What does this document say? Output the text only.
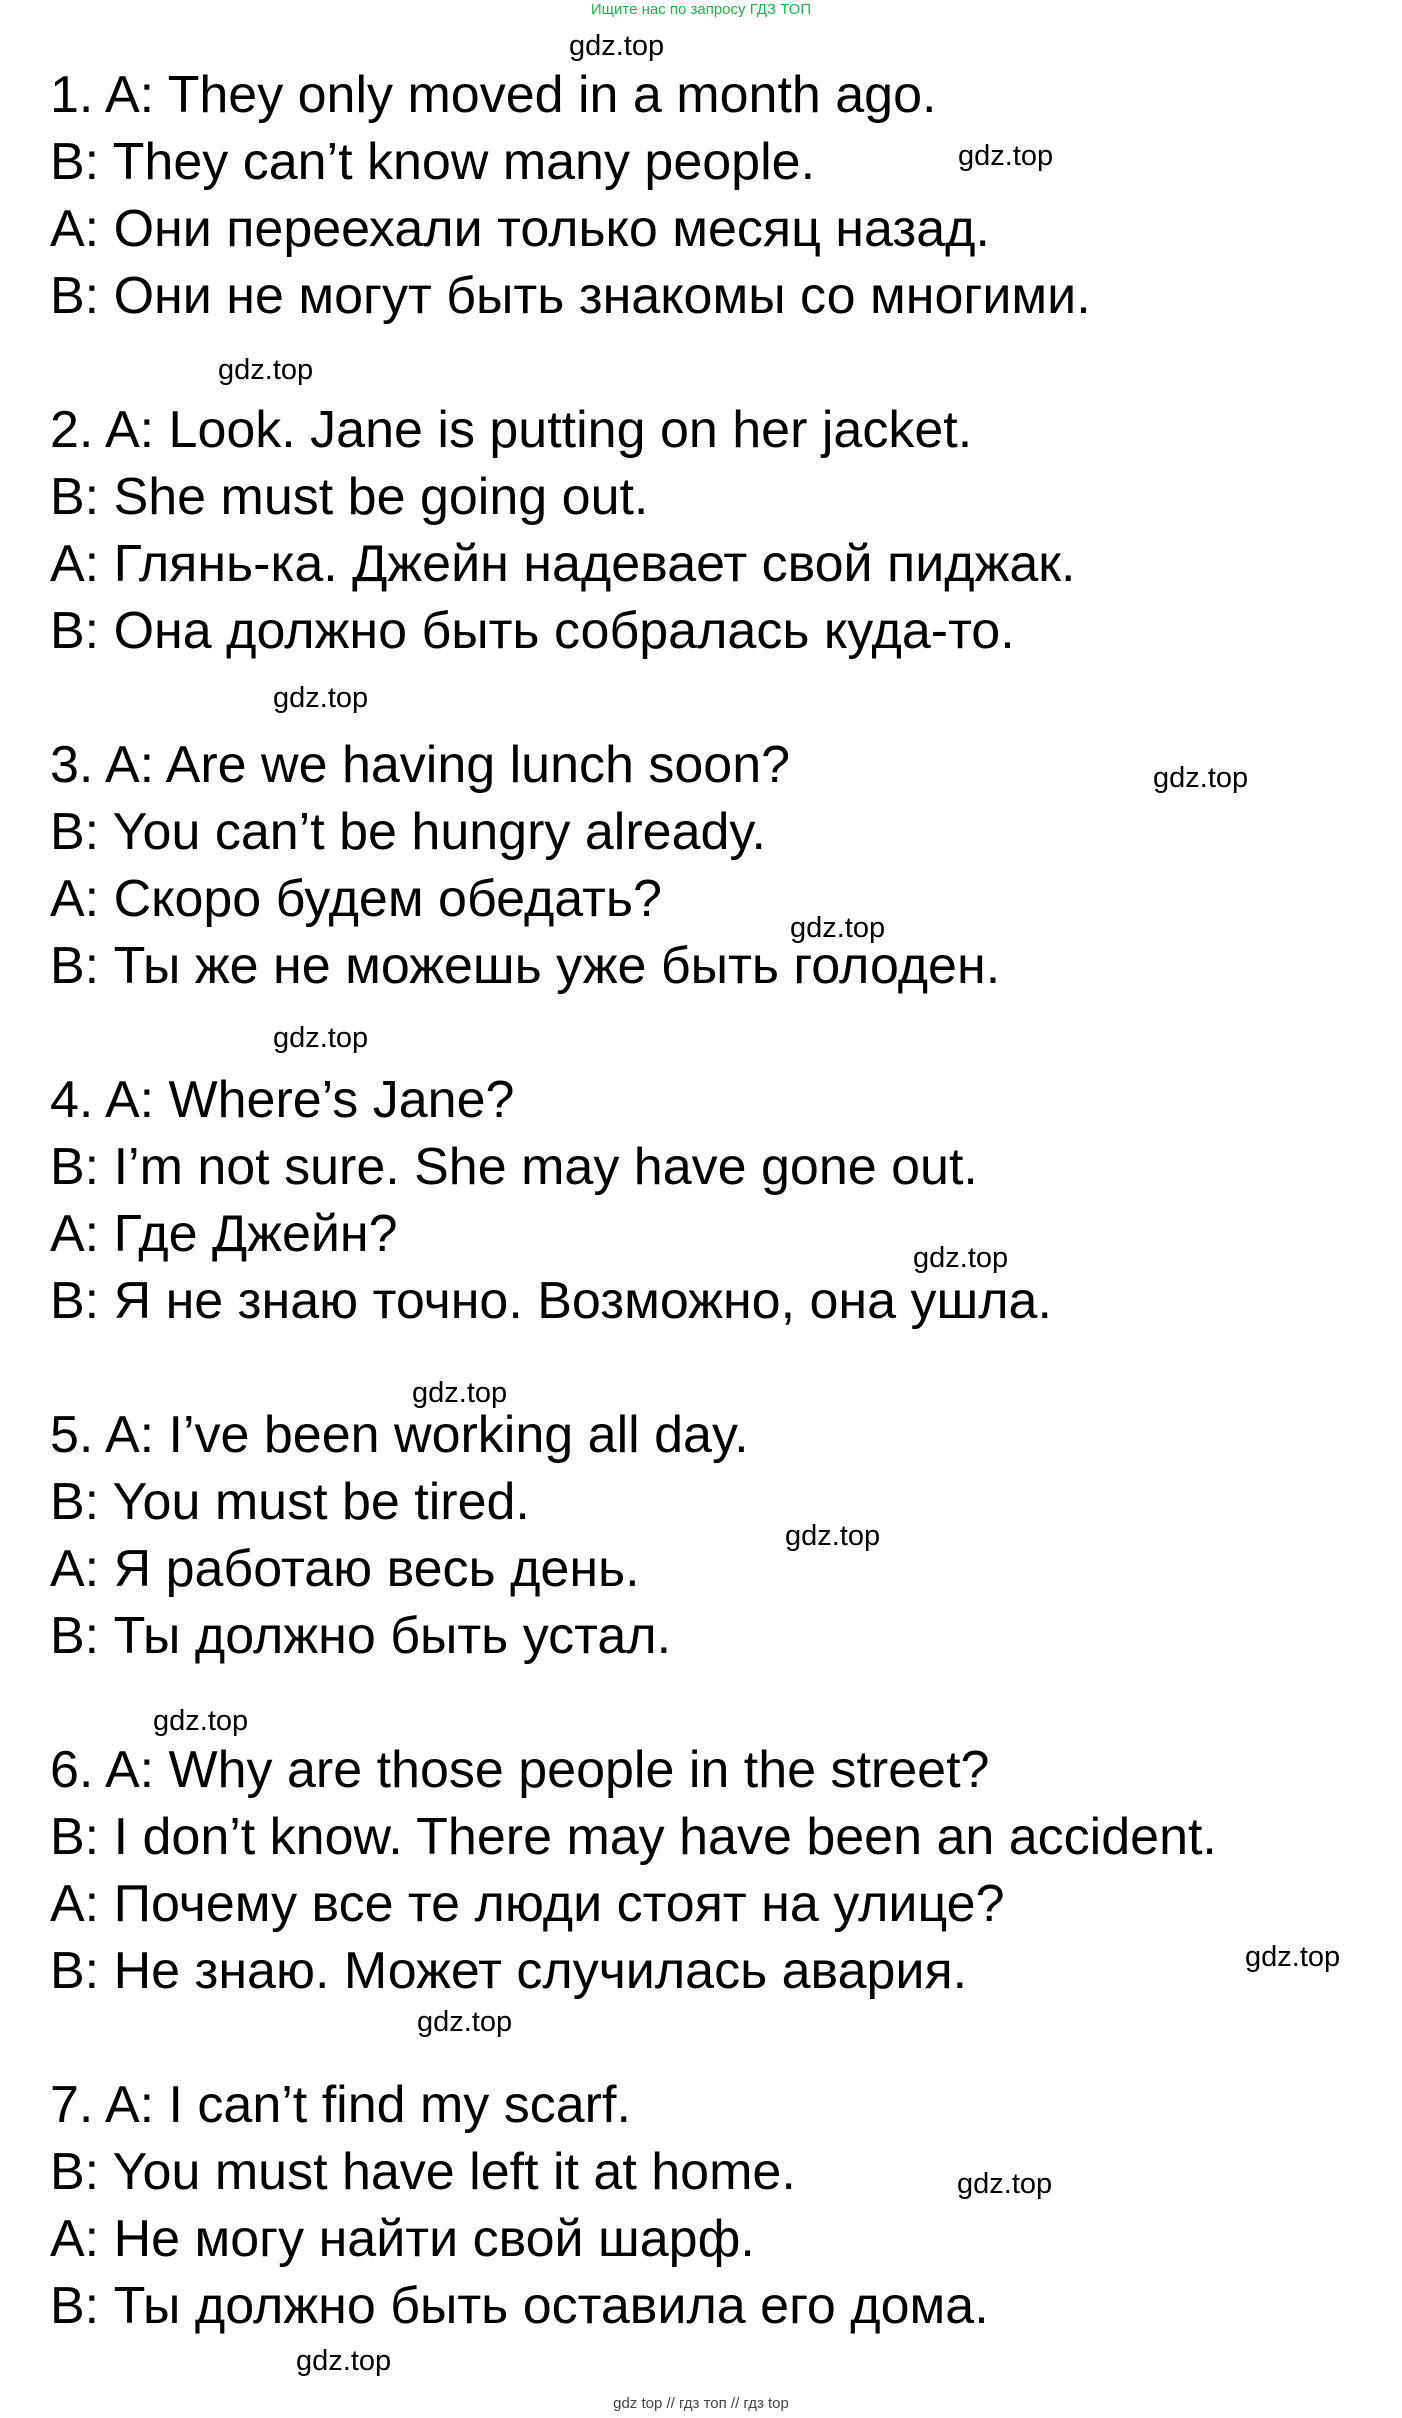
Ищите нас по запросу ГДЗ ТОП
1. A: They only moved in a month ago.
B: They can’t know many people.
A: Они переехали только месяц назад.
B: Они не могут быть знакомы со многими.
2. A: Look. Jane is putting on her jacket.
B: She must be going out.
A: Глянь-ка. Джейн надевает свой пиджак.
B: Она должно быть собралась куда-то.
3. A: Are we having lunch soon?
B: You can’t be hungry already.
A: Скоро будем обедать?
B: Ты же не можешь уже быть голоден.
4. A: Where’s Jane?
B: I’m not sure. She may have gone out.
A: Где Джейн?
B: Я не знаю точно. Возможно, она ушла.
5. A: I’ve been working all day.
B: You must be tired.
A: Я работаю весь день.
B: Ты должно быть устал.
6. A: Why are those people in the street?
B: I don’t know. There may have been an accident.
A: Почему все те люди стоят на улице?
B: Не знаю. Может случилась авария.
7. A: I can’t find my scarf.
B: You must have left it at home.
A: Не могу найти свой шарф.
B: Ты должно быть оставила его дома.
gdz.top
gdz.top
gdz.top
gdz.top
gdz.top
gdz.top
gdz.top
gdz.top
gdz.top
gdz.top
gdz.top
gdz.top
gdz.top
gdz.top
gdz.top
gdz top // гдз топ // гдз top
